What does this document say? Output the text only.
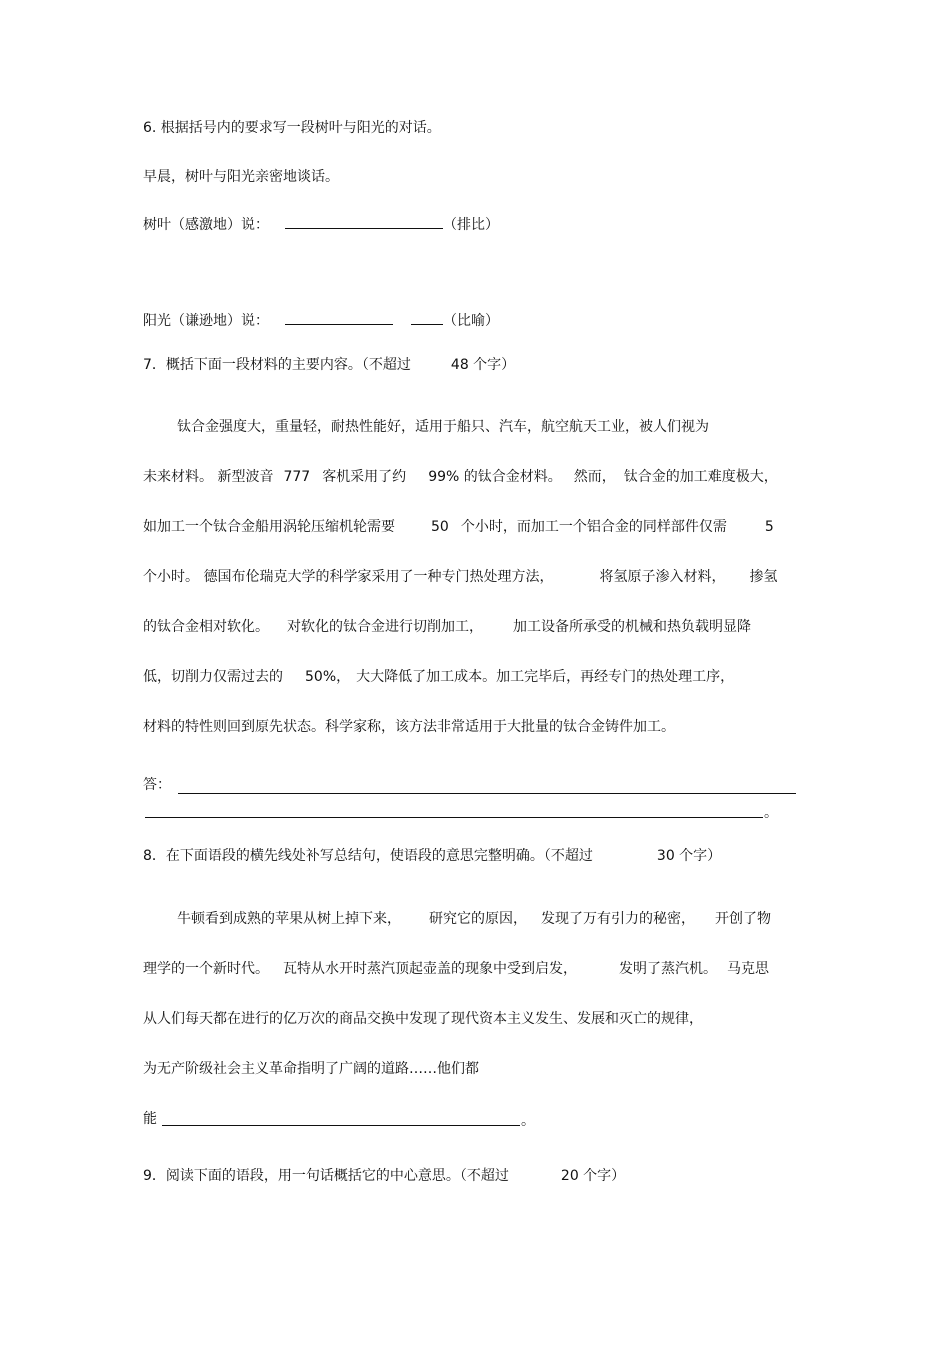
6. 根据括号内的要求写一段树叶与阳光的对话。
早晨，树叶与阳光亲密地谈话。
树叶（感激地）说：	（排比）
阳光（谦逊地）说：	（比喻）
7．概括下面一段材料的主要内容。（不超过	48 个字）
钛合金强度大，重量轻，耐热性能好，适用于船只、汽车，航空航天工业，被人们视为
未来材料。 新型波音 777 客机采用了约 99% 的钛合金材料。 然而， 钛合金的加工难度极大，
如加工一个钛合金船用涡轮压缩机轮需要	50 个小时，而加工一个铝合金的同样部件仅需	5
个小时。 德国布伦瑞克大学的科学家采用了一种专门热处理方法，	将氢原子渗入材料， 掺氢
的钛合金相对软化。 对软化的钛合金进行切削加工， 加工设备所承受的机械和热负载明显降
低，切削力仅需过去的 50%， 大大降低了加工成本。加工完毕后，再经专门的热处理工序，
材料的特性则回到原先状态。科学家称，该方法非常适用于大批量的钛合金铸件加工。
答：
。
8．在下面语段的横先线处补写总结句，使语段的意思完整明确。（不超过	30 个字）
牛顿看到成熟的苹果从树上掉下来， 研究它的原因， 发现了万有引力的秘密， 开创了物
理学的一个新时代。 瓦特从水开时蒸汽顶起壶盖的现象中受到启发，	发明了蒸汽机。 马克思
从人们每天都在进行的亿万次的商品交换中发现了现代资本主义发生、发展和灭亡的规律，
为无产阶级社会主义革命指明了广阔的道路……他们都
能	。
9．阅读下面的语段，用一句话概括它的中心意思。（不超过	20 个字）
